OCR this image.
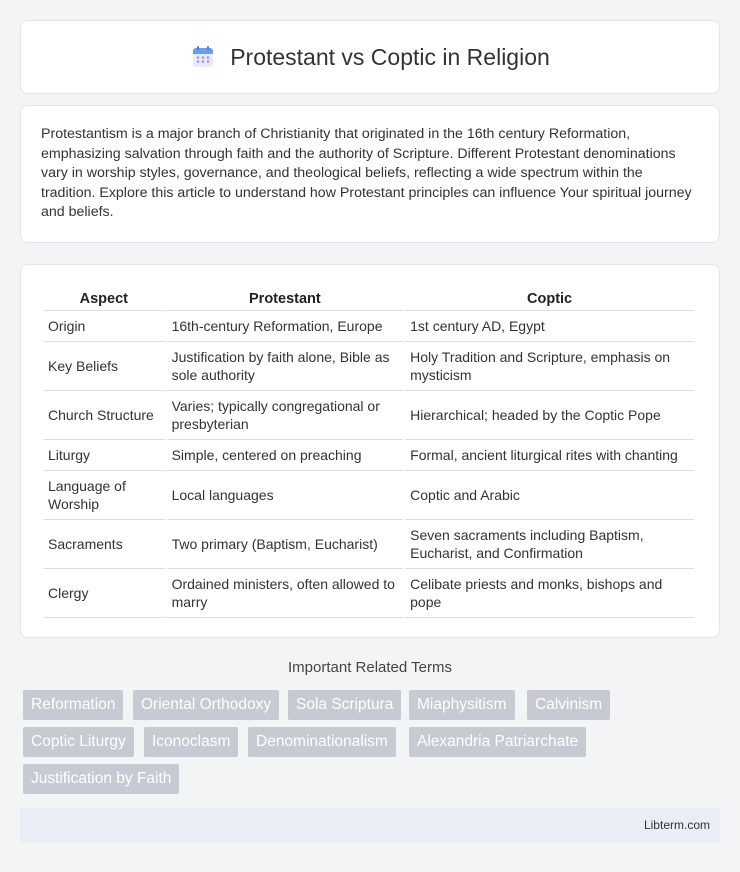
Protestant vs Coptic in Religion

Protestantism is a major branch of Christianity that originated in the 16th century Reformation, emphasizing salvation through faith and the authority of Scripture. Different Protestant denominations vary in worship styles, governance, and theological beliefs, reflecting a wide spectrum within the tradition. Explore this article to understand how Protestant principles can influence Your spiritual journey and beliefs.

Aspect	Protestant	Coptic
Origin	16th-century Reformation, Europe	1st century AD, Egypt
Key Beliefs	Justification by faith alone, Bible as sole authority	Holy Tradition and Scripture, emphasis on mysticism
Church Structure	Varies; typically congregational or presbyterian	Hierarchical; headed by the Coptic Pope
Liturgy	Simple, centered on preaching	Formal, ancient liturgical rites with chanting
Language of Worship	Local languages	Coptic and Arabic
Sacraments	Two primary (Baptism, Eucharist)	Seven sacraments including Baptism, Eucharist, and Confirmation
Clergy	Ordained ministers, often allowed to marry	Celibate priests and monks, bishops and pope
Important Related Terms
Reformation	Oriental Orthodoxy	Sola Scriptura	Miaphysitism	Calvinism
Coptic Liturgy	Iconoclasm	Denominationalism	Alexandria Patriarchate
Justification by Faith
Libterm.com
